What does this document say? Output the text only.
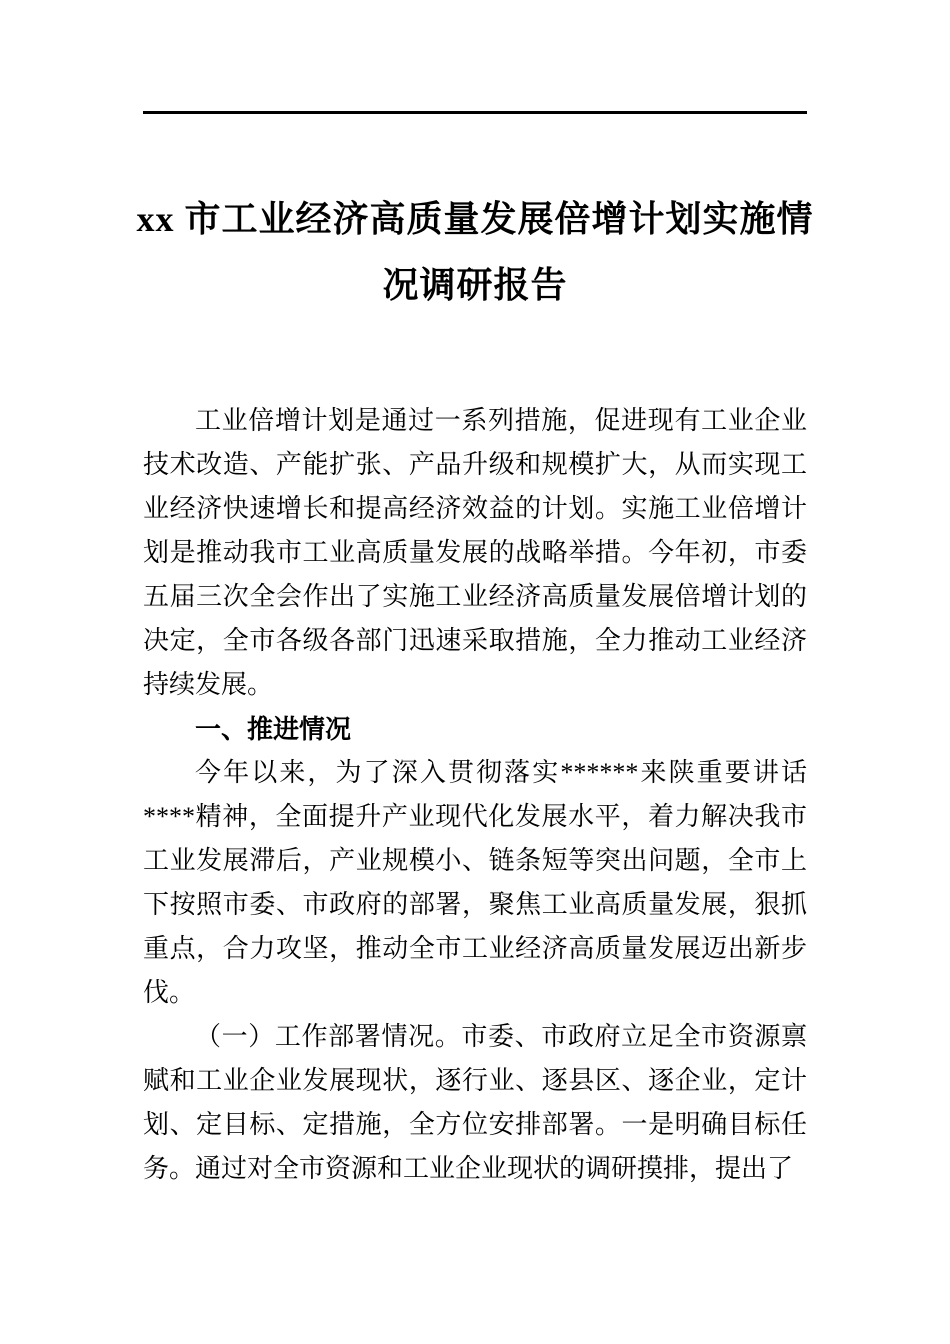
xx 市工业经济高质量发展倍增计划实施情
况调研报告

工业倍增计划是通过一系列措施，促进现有工业企业技术改造、产能扩张、产品升级和规模扩大，从而实现工业经济快速增长和提高经济效益的计划。实施工业倍增计划是推动我市工业高质量发展的战略举措。今年初，市委五届三次全会作出了实施工业经济高质量发展倍增计划的决定，全市各级各部门迅速采取措施，全力推动工业经济持续发展。

一、推进情况

今年以来，为了深入贯彻落实******来陕重要讲话****精神，全面提升产业现代化发展水平，着力解决我市工业发展滞后，产业规模小、链条短等突出问题，全市上下按照市委、市政府的部署，聚焦工业高质量发展，狠抓重点，合力攻坚，推动全市工业经济高质量发展迈出新步伐。

（一）工作部署情况。市委、市政府立足全市资源禀赋和工业企业发展现状，逐行业、逐县区、逐企业，定计划、定目标、定措施，全方位安排部署。一是明确目标任务。通过对全市资源和工业企业现状的调研摸排，提出了
